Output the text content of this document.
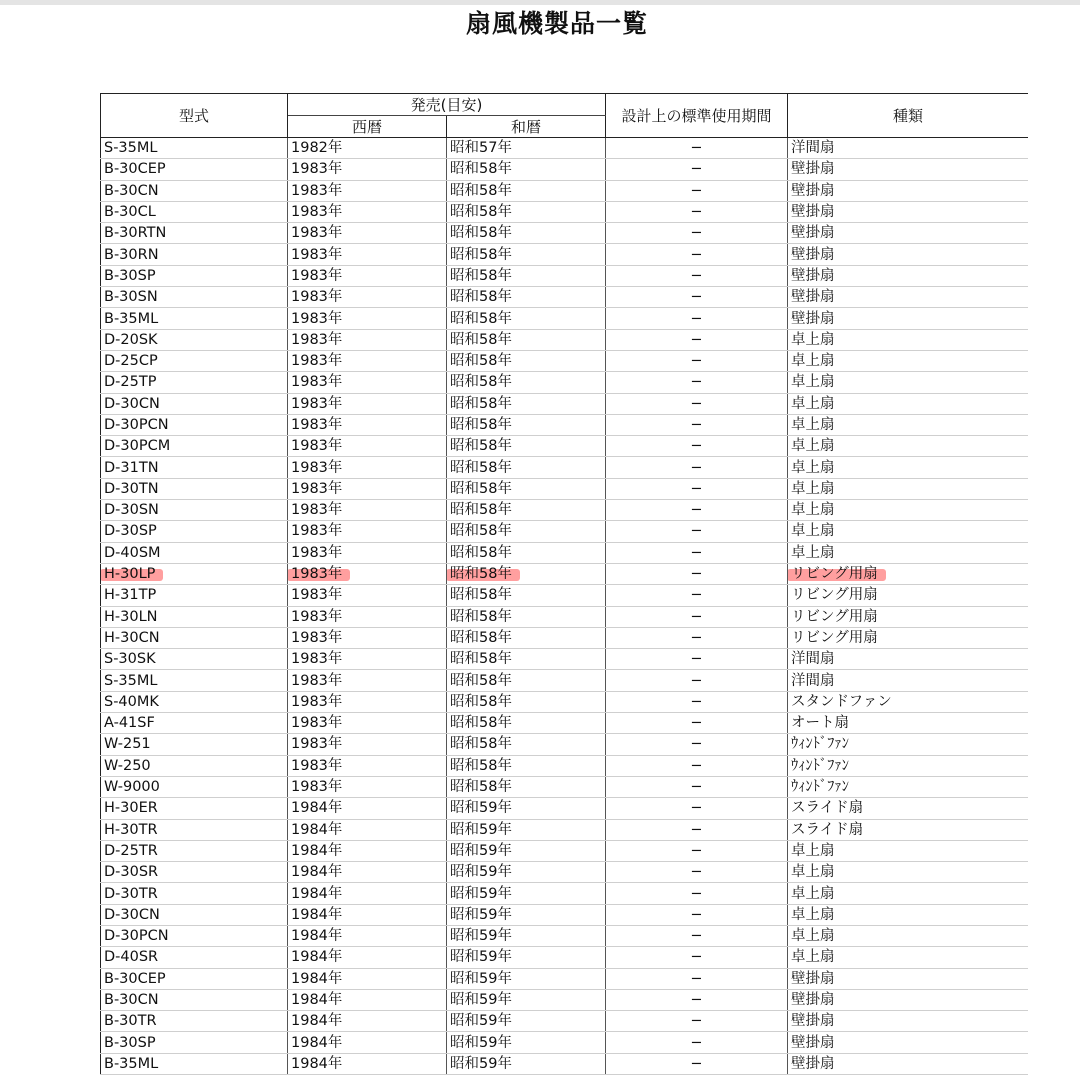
扇風機製品一覧
型式	発売(目安)		設計上の標準使用期間	種類
	西暦	和暦		
S-35ML	1982年	昭和57年	−	洋間扇
B-30CEP	1983年	昭和58年	−	壁掛扇
B-30CN	1983年	昭和58年	−	壁掛扇
B-30CL	1983年	昭和58年	−	壁掛扇
B-30RTN	1983年	昭和58年	−	壁掛扇
B-30RN	1983年	昭和58年	−	壁掛扇
B-30SP	1983年	昭和58年	−	壁掛扇
B-30SN	1983年	昭和58年	−	壁掛扇
B-35ML	1983年	昭和58年	−	壁掛扇
D-20SK	1983年	昭和58年	−	卓上扇
D-25CP	1983年	昭和58年	−	卓上扇
D-25TP	1983年	昭和58年	−	卓上扇
D-30CN	1983年	昭和58年	−	卓上扇
D-30PCN	1983年	昭和58年	−	卓上扇
D-30PCM	1983年	昭和58年	−	卓上扇
D-31TN	1983年	昭和58年	−	卓上扇
D-30TN	1983年	昭和58年	−	卓上扇
D-30SN	1983年	昭和58年	−	卓上扇
D-30SP	1983年	昭和58年	−	卓上扇
D-40SM	1983年	昭和58年	−	卓上扇
H-30LP	1983年	昭和58年	−	リビング用扇
H-31TP	1983年	昭和58年	−	リビング用扇
H-30LN	1983年	昭和58年	−	リビング用扇
H-30CN	1983年	昭和58年	−	リビング用扇
S-30SK	1983年	昭和58年	−	洋間扇
S-35ML	1983年	昭和58年	−	洋間扇
S-40MK	1983年	昭和58年	−	スタンドファン
A-41SF	1983年	昭和58年	−	オート扇
W-251	1983年	昭和58年	−	ｳｨﾝﾄﾞﾌｧﾝ
W-250	1983年	昭和58年	−	ｳｨﾝﾄﾞﾌｧﾝ
W-9000	1983年	昭和58年	−	ｳｨﾝﾄﾞﾌｧﾝ
H-30ER	1984年	昭和59年	−	スライド扇
H-30TR	1984年	昭和59年	−	スライド扇
D-25TR	1984年	昭和59年	−	卓上扇
D-30SR	1984年	昭和59年	−	卓上扇
D-30TR	1984年	昭和59年	−	卓上扇
D-30CN	1984年	昭和59年	−	卓上扇
D-30PCN	1984年	昭和59年	−	卓上扇
D-40SR	1984年	昭和59年	−	卓上扇
B-30CEP	1984年	昭和59年	−	壁掛扇
B-30CN	1984年	昭和59年	−	壁掛扇
B-30TR	1984年	昭和59年	−	壁掛扇
B-30SP	1984年	昭和59年	−	壁掛扇
B-35ML	1984年	昭和59年	−	壁掛扇
